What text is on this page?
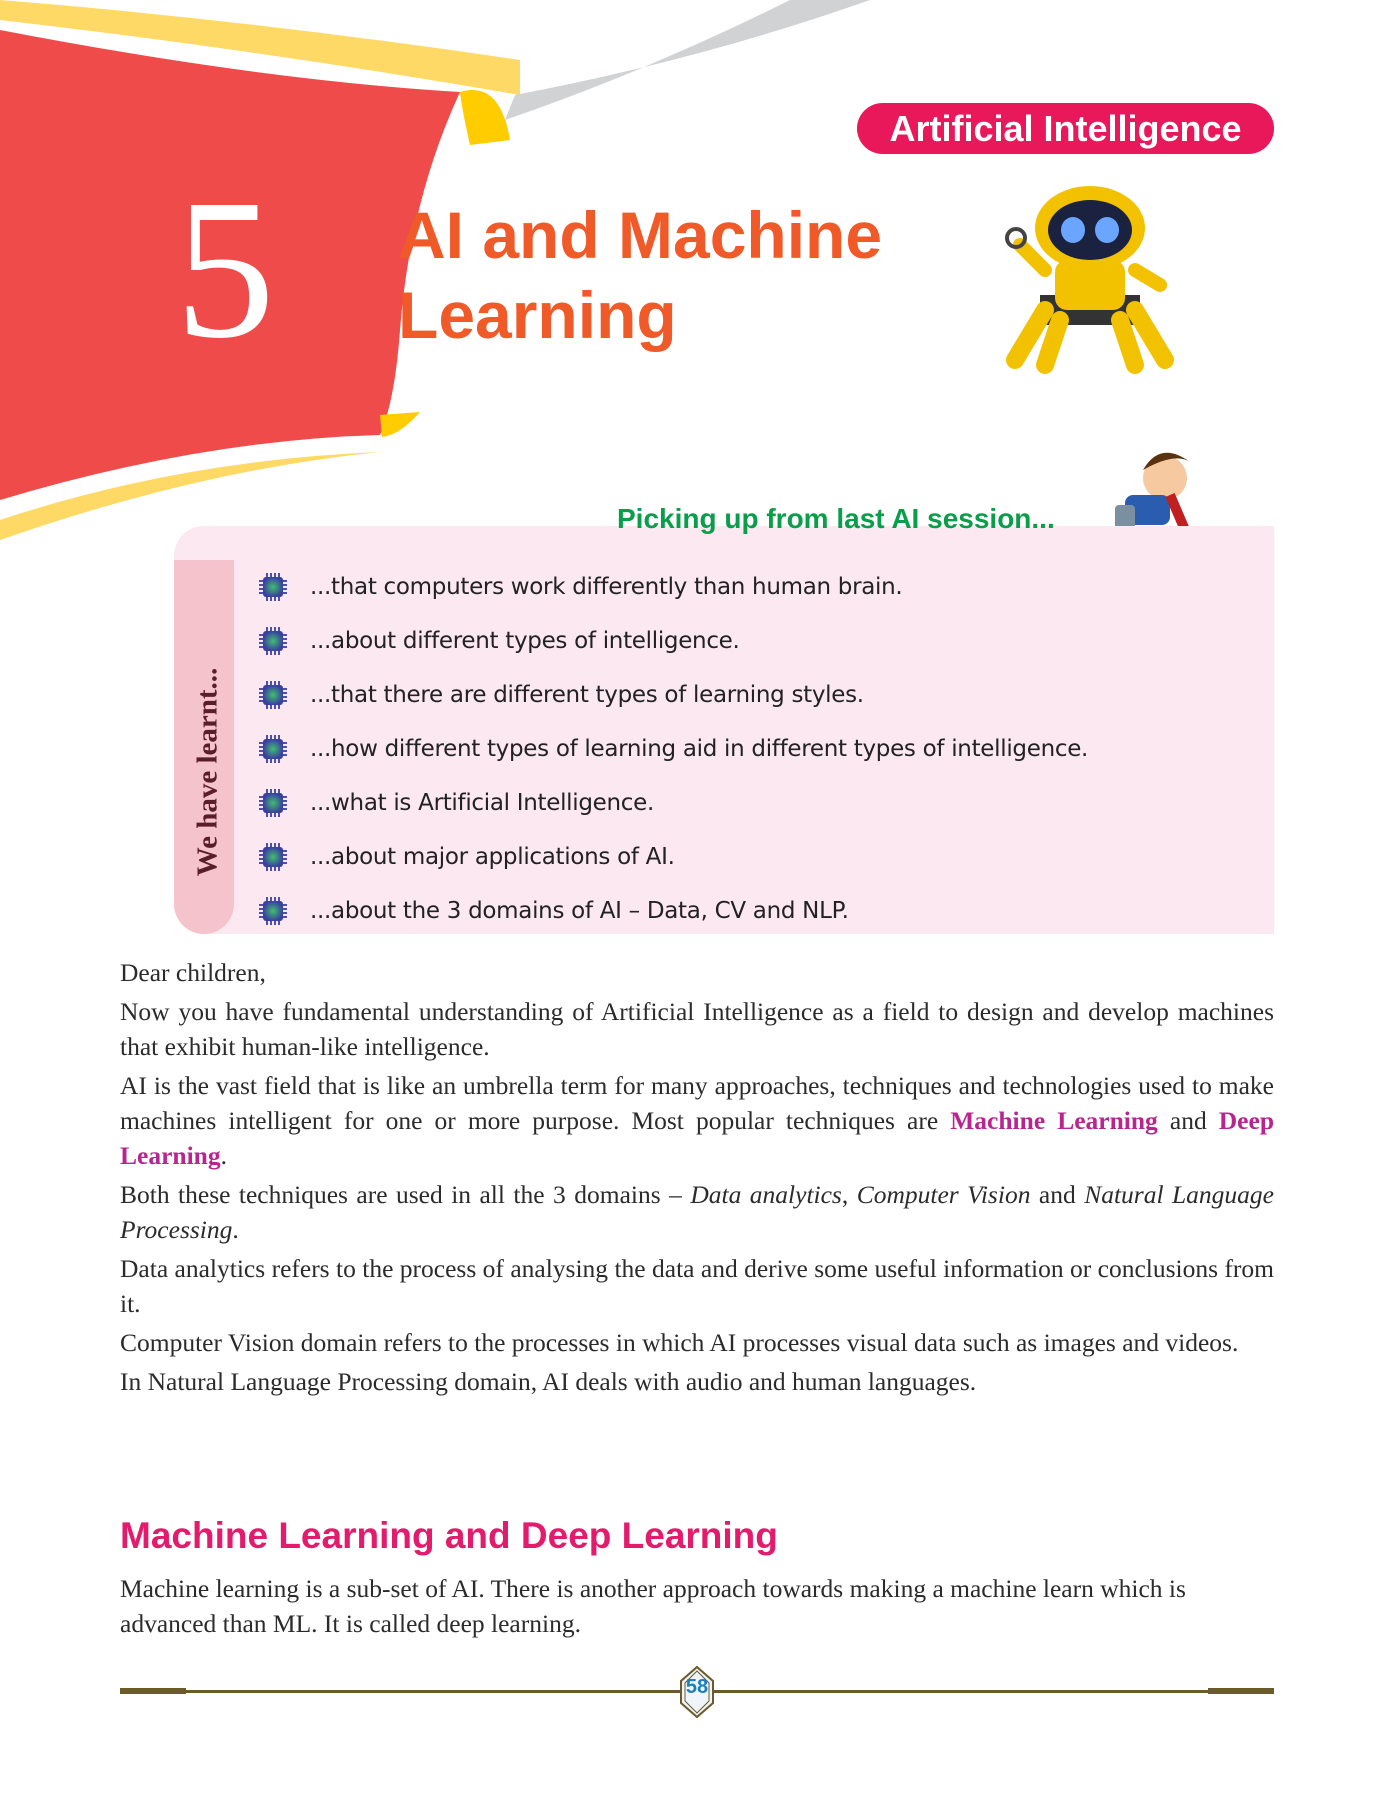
Artificial Intelligence
5 AI and Machine
Learning
Picking up from last AI session...
We have learnt...
...that computers work differently than human brain.
...about different types of intelligence.
...that there are different types of learning styles.
...how different types of learning aid in different types of intelligence.
...what is Artificial Intelligence.
...about major applications of AI.
...about the 3 domains of AI – Data, CV and NLP.

Dear children,

Now you have fundamental understanding of Artificial Intelligence as a field to design and develop machines that exhibit human-like intelligence.

AI is the vast field that is like an umbrella term for many approaches, techniques and technologies used to make machines intelligent for one or more purpose. Most popular techniques are Machine Learning and Deep Learning.

Both these techniques are used in all the 3 domains – Data analytics, Computer Vision and Natural Language Processing.

Data analytics refers to the process of analysing the data and derive some useful information or conclusions from it.

Computer Vision domain refers to the processes in which AI processes visual data such as images and videos.

In Natural Language Processing domain, AI deals with audio and human languages.

Machine Learning and Deep Learning
Machine learning is a sub-set of AI. There is another approach towards making a machine learn which is advanced than ML. It is called deep learning.
58
